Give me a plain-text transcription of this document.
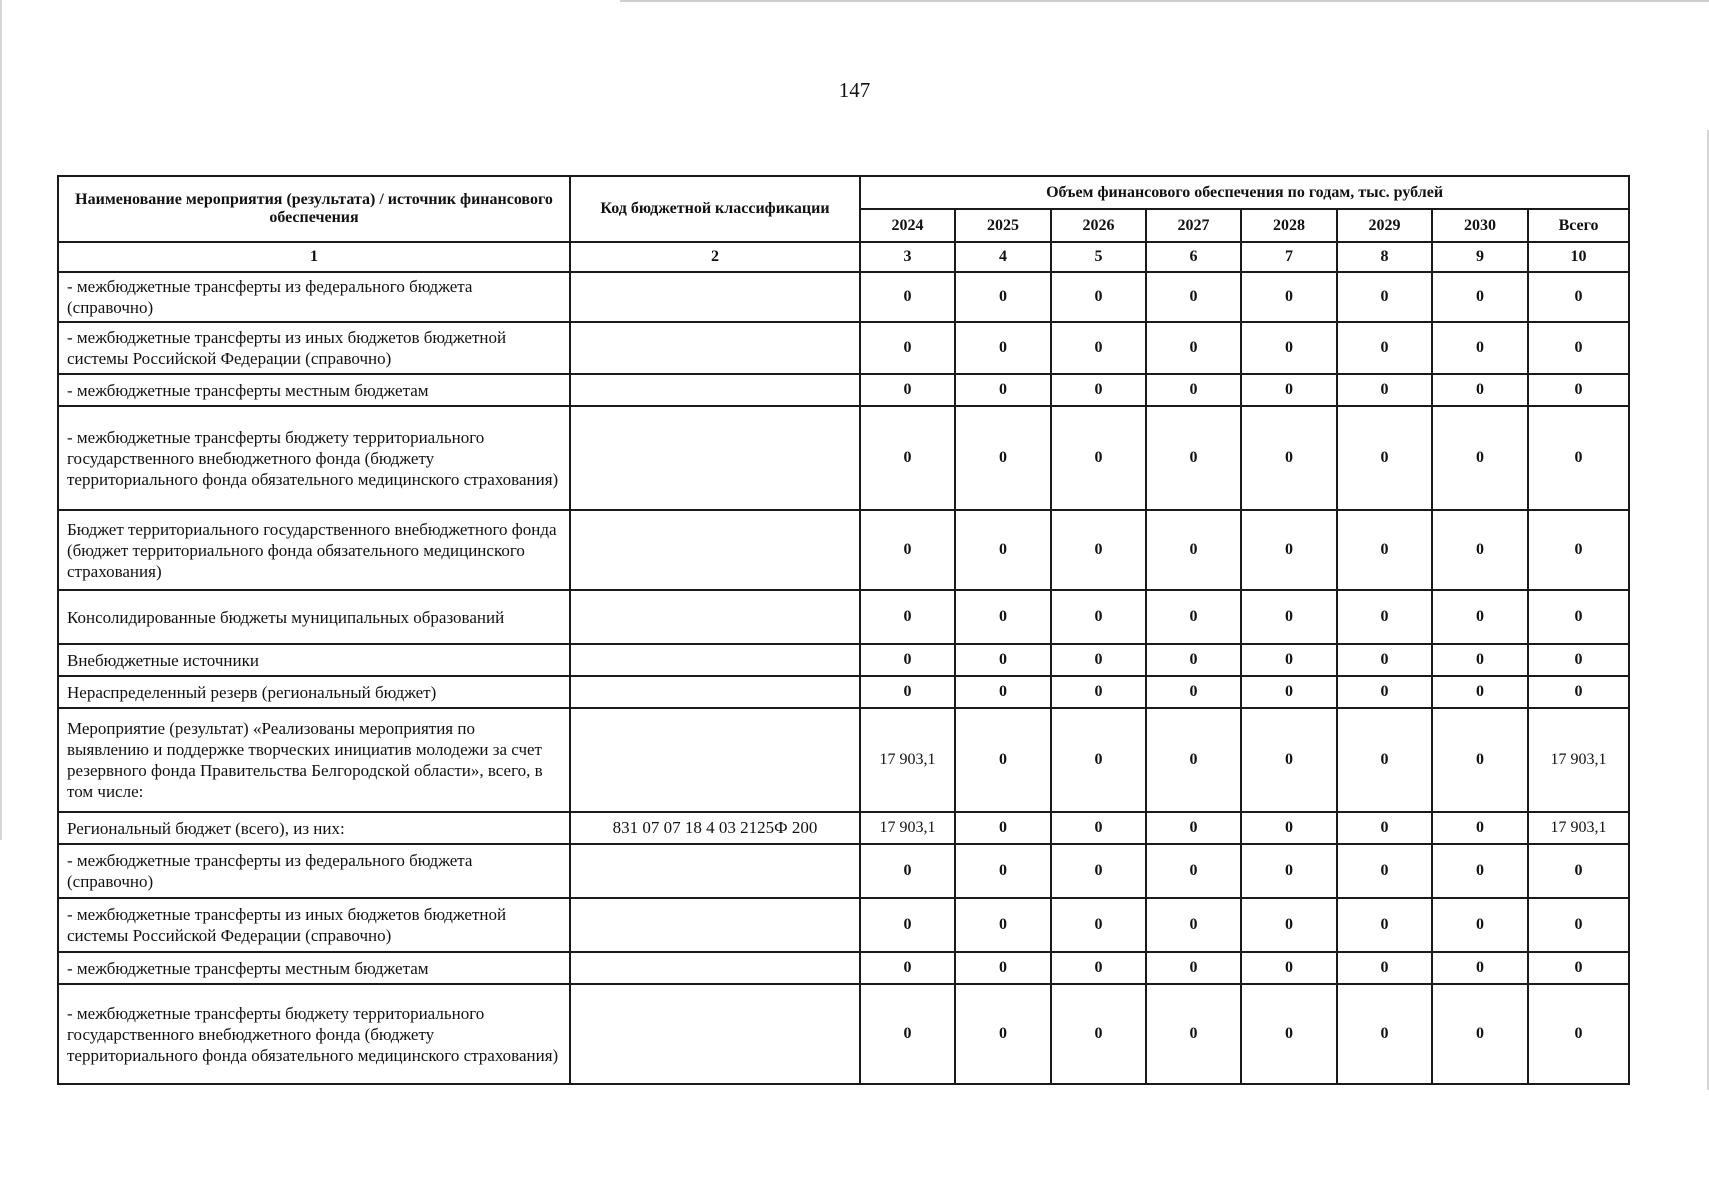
147
Наименование мероприятия (результата) / источник финансового обеспечения	Код бюджетной классификации	Объем финансового обеспечения по годам, тыс. рублей							
		2024	2025	2026	2027	2028	2029	2030	Всего
1	2	3	4	5	6	7	8	9	10
- межбюджетные трансферты из федерального бюджета (справочно)		0	0	0	0	0	0	0	0
- межбюджетные трансферты из иных бюджетов бюджетной системы Российской Федерации (справочно)		0	0	0	0	0	0	0	0
- межбюджетные трансферты местным бюджетам		0	0	0	0	0	0	0	0
- межбюджетные трансферты бюджету территориального государственного внебюджетного фонда (бюджету территориального фонда обязательного медицинского страхования)		0	0	0	0	0	0	0	0
Бюджет территориального государственного внебюджетного фонда (бюджет территориального фонда обязательного медицинского страхования)		0	0	0	0	0	0	0	0
Консолидированные бюджеты муниципальных образований		0	0	0	0	0	0	0	0
Внебюджетные источники		0	0	0	0	0	0	0	0
Нераспределенный резерв (региональный бюджет)		0	0	0	0	0	0	0	0
Мероприятие (результат) «Реализованы мероприятия по выявлению и поддержке творческих инициатив молодежи за счет резервного фонда Правительства Белгородской области», всего, в том числе:		17 903,1	0	0	0	0	0	0	17 903,1
Региональный бюджет (всего), из них:	831 07 07 18 4 03 2125Ф 200	17 903,1	0	0	0	0	0	0	17 903,1
- межбюджетные трансферты из федерального бюджета (справочно)		0	0	0	0	0	0	0	0
- межбюджетные трансферты из иных бюджетов бюджетной системы Российской Федерации (справочно)		0	0	0	0	0	0	0	0
- межбюджетные трансферты местным бюджетам		0	0	0	0	0	0	0	0
- межбюджетные трансферты бюджету территориального государственного внебюджетного фонда (бюджету территориального фонда обязательного медицинского страхования)		0	0	0	0	0	0	0	0
